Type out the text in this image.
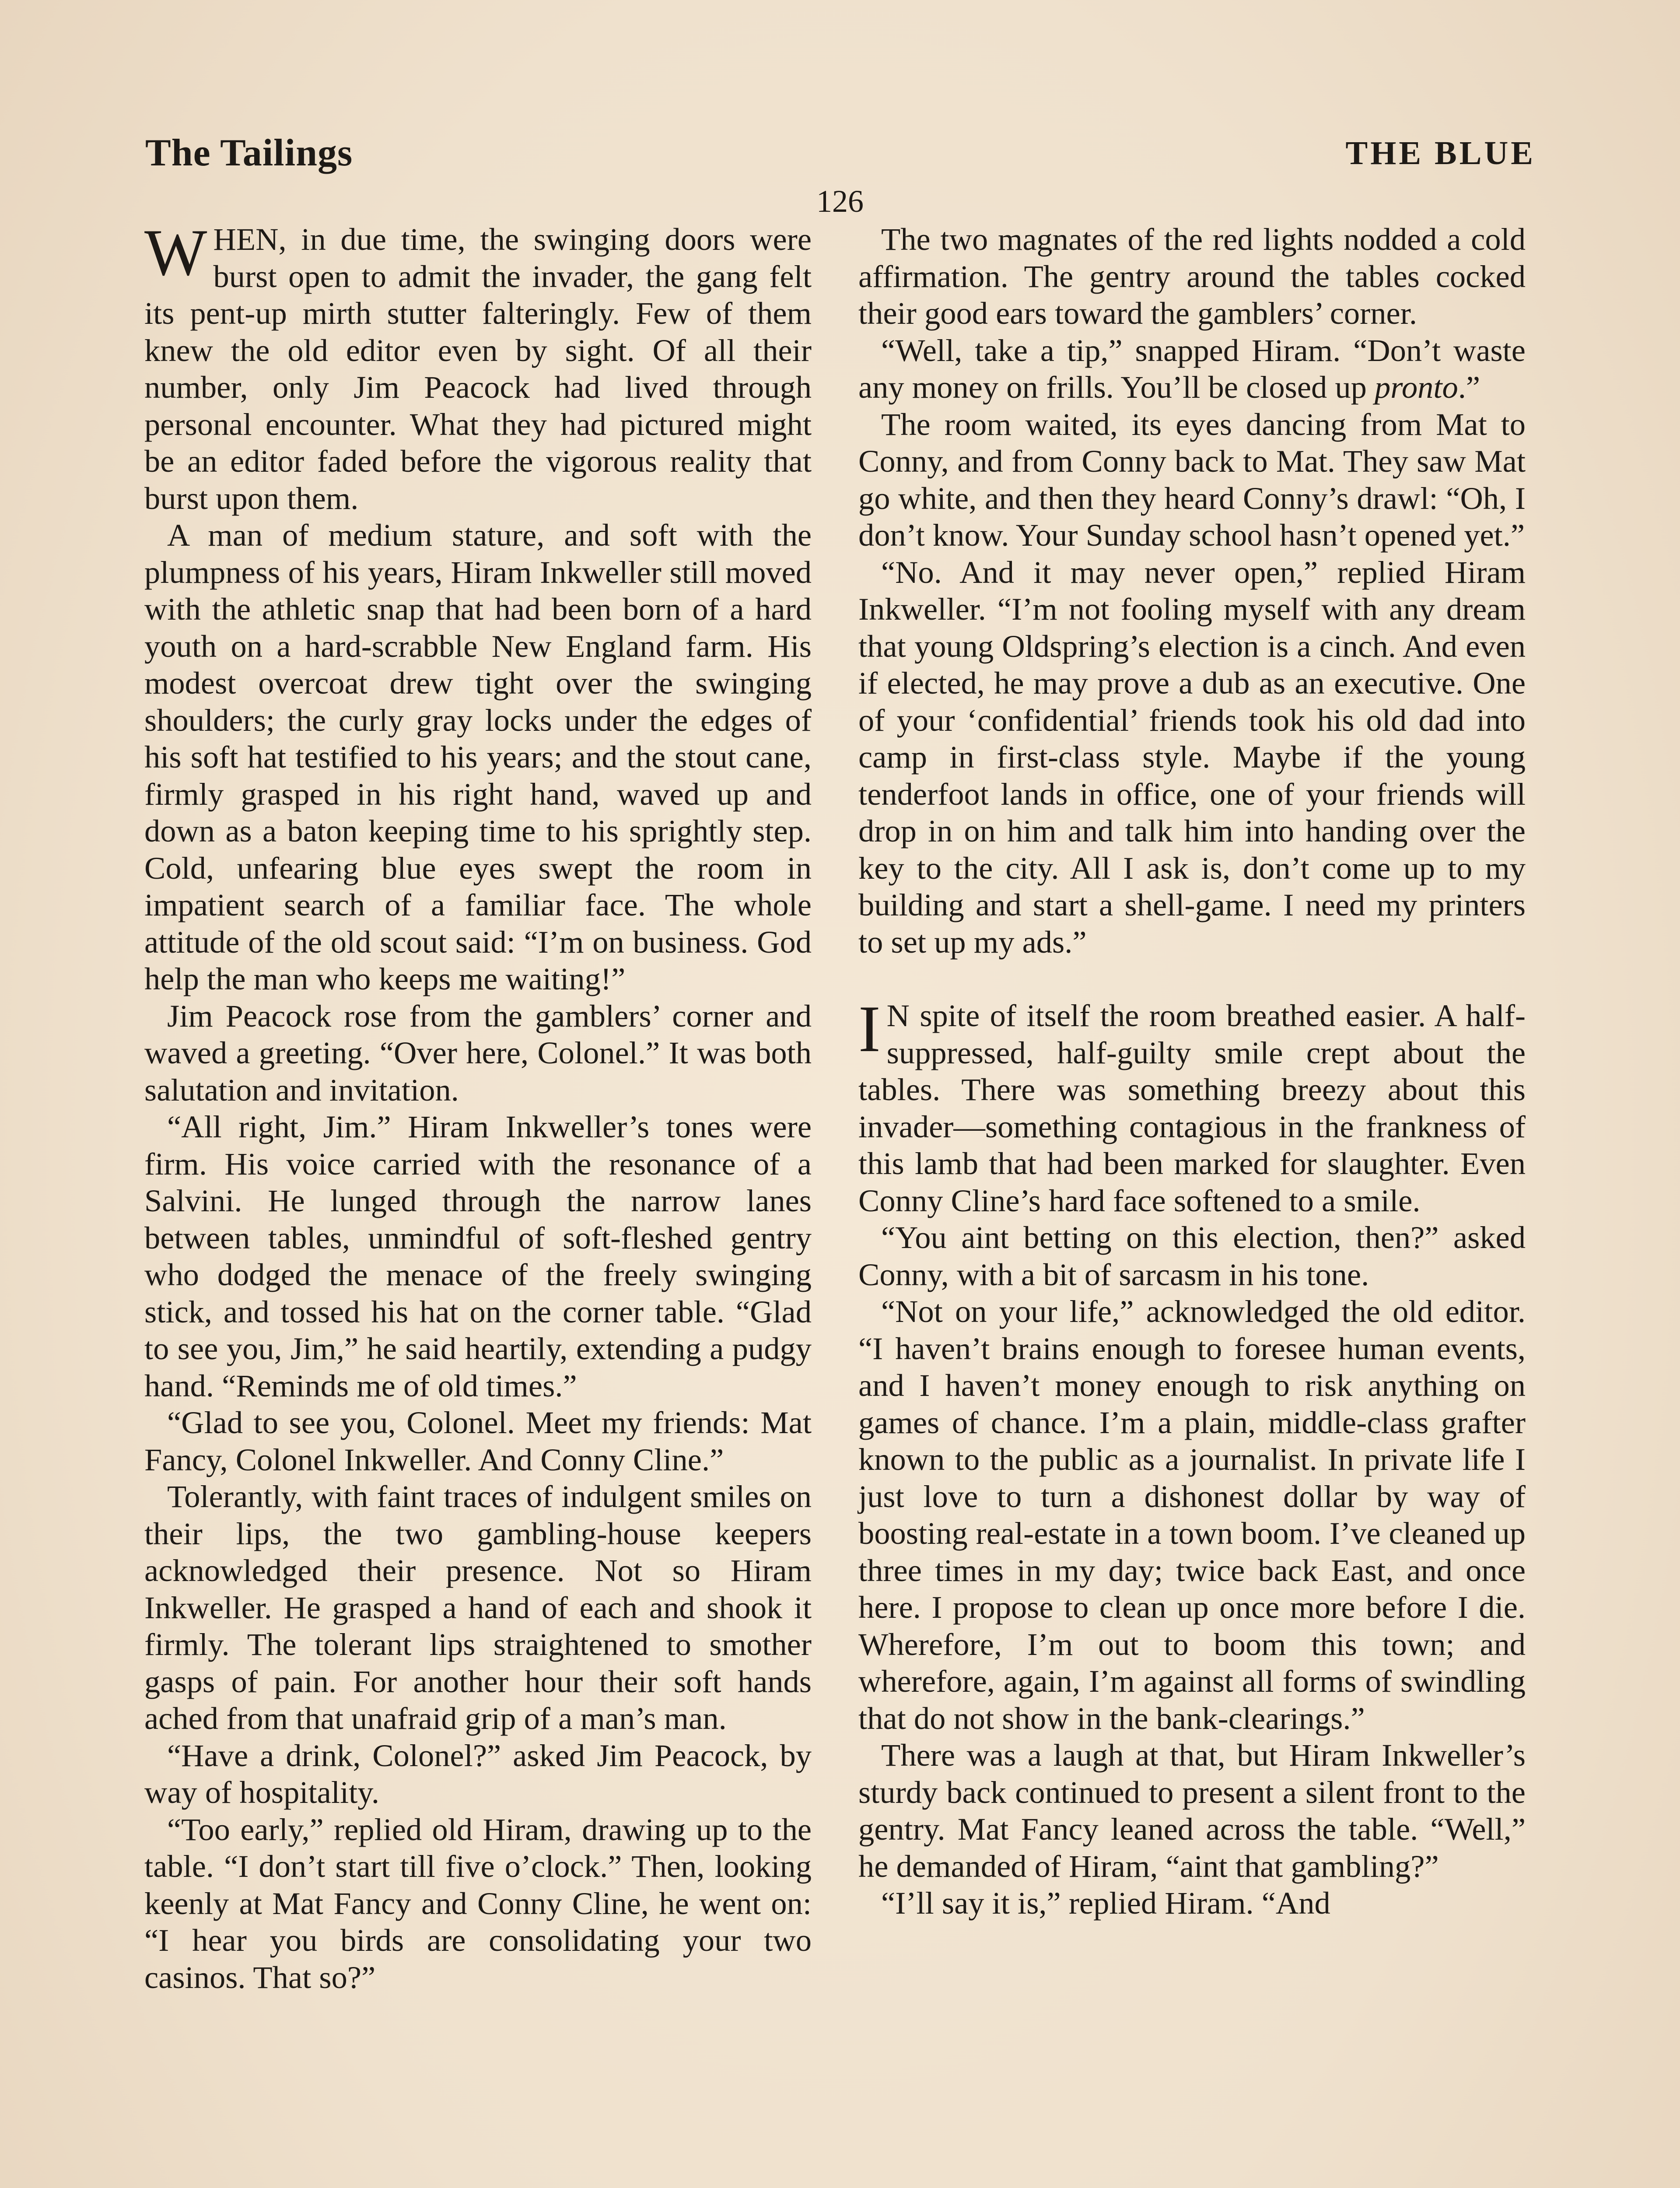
The Tailings	THE BLUE
126

WHEN, in due time, the swinging doors were burst open to admit the invader, the gang felt its pent-up mirth stutter falteringly. Few of them knew the old editor even by sight. Of all their number, only Jim Peacock had lived through personal encounter. What they had pictured might be an editor faded before the vigorous reality that burst upon them.

A man of medium stature, and soft with the plumpness of his years, Hiram Inkweller still moved with the athletic snap that had been born of a hard youth on a hard-scrabble New England farm. His modest overcoat drew tight over the swinging shoulders; the curly gray locks under the edges of his soft hat testified to his years; and the stout cane, firmly grasped in his right hand, waved up and down as a baton keeping time to his sprightly step. Cold, unfearing blue eyes swept the room in impatient search of a familiar face. The whole attitude of the old scout said: “I’m on business. God help the man who keeps me waiting!”

Jim Peacock rose from the gamblers’ corner and waved a greeting. “Over here, Colonel.” It was both salutation and invitation.

“All right, Jim.” Hiram Inkweller’s tones were firm. His voice carried with the resonance of a Salvini. He lunged through the narrow lanes between tables, unmindful of soft-fleshed gentry who dodged the menace of the freely swinging stick, and tossed his hat on the corner table. “Glad to see you, Jim,” he said heartily, extending a pudgy hand. “Reminds me of old times.”

“Glad to see you, Colonel. Meet my friends: Mat Fancy, Colonel Inkweller. And Conny Cline.”

Tolerantly, with faint traces of indulgent smiles on their lips, the two gambling-house keepers acknowledged their presence. Not so Hiram Inkweller. He grasped a hand of each and shook it firmly. The tolerant lips straightened to smother gasps of pain. For another hour their soft hands ached from that unafraid grip of a man’s man.

“Have a drink, Colonel?” asked Jim Peacock, by way of hospitality.

“Too early,” replied old Hiram, drawing up to the table. “I don’t start till five o’clock.” Then, looking keenly at Mat Fancy and Conny Cline, he went on: “I hear you birds are consolidating your two casinos. That so?”

The two magnates of the red lights nodded a cold affirmation. The gentry around the tables cocked their good ears toward the gamblers’ corner.

“Well, take a tip,” snapped Hiram. “Don’t waste any money on frills. You’ll be closed up pronto.”

The room waited, its eyes dancing from Mat to Conny, and from Conny back to Mat. They saw Mat go white, and then they heard Conny’s drawl: “Oh, I don’t know. Your Sunday school hasn’t opened yet.”

“No. And it may never open,” replied Hiram Inkweller. “I’m not fooling myself with any dream that young Oldspring’s election is a cinch. And even if elected, he may prove a dub as an executive. One of your ‘confidential’ friends took his old dad into camp in first-class style. Maybe if the young tenderfoot lands in office, one of your friends will drop in on him and talk him into handing over the key to the city. All I ask is, don’t come up to my building and start a shell-game. I need my printers to set up my ads.”

I N spite of itself the room breathed easier. A half-suppressed, half-guilty smile crept about the tables. There was something breezy about this invader—something contagious in the frankness of this lamb that had been marked for slaughter. Even Conny Cline’s hard face softened to a smile.

“You aint betting on this election, then?” asked Conny, with a bit of sarcasm in his tone.

“Not on your life,” acknowledged the old editor. “I haven’t brains enough to foresee human events, and I haven’t money enough to risk anything on games of chance. I’m a plain, middle-class grafter known to the public as a journalist. In private life I just love to turn a dishonest dollar by way of boosting real-estate in a town boom. I’ve cleaned up three times in my day; twice back East, and once here. I propose to clean up once more before I die. Wherefore, I’m out to boom this town; and wherefore, again, I’m against all forms of swindling that do not show in the bank-clearings.”

There was a laugh at that, but Hiram Inkweller’s sturdy back continued to present a silent front to the gentry. Mat Fancy leaned across the table. “Well,” he demanded of Hiram, “aint that gambling?”

“I’ll say it is,” replied Hiram. “And
